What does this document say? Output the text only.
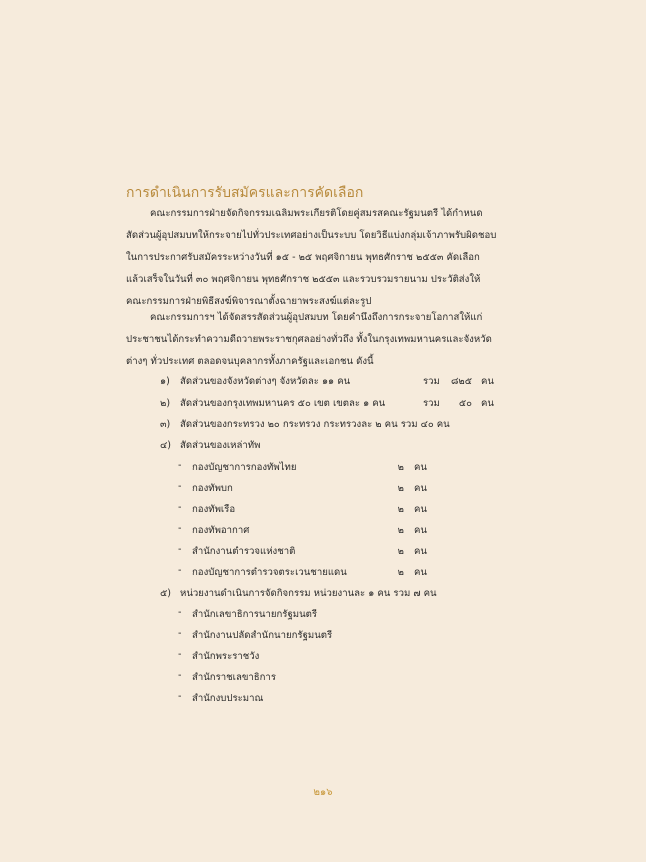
การดำเนินการรับสมัครและการคัดเลือก
คณะกรรมการฝ่ายจัดกิจกรรมเฉลิมพระเกียรติโดยคู่สมรสคณะรัฐมนตรี ได้กำหนด
สัดส่วนผู้อุปสมบทให้กระจายไปทั่วประเทศอย่างเป็นระบบ โดยวิธีแบ่งกลุ่มเจ้าภาพรับผิดชอบ
ในการประกาศรับสมัครระหว่างวันที่ ๑๕ - ๒๕ พฤศจิกายน พุทธศักราช ๒๕๕๓ คัดเลือก
แล้วเสร็จในวันที่ ๓๐ พฤศจิกายน พุทธศักราช ๒๕๕๓ และรวบรวมรายนาม ประวัติส่งให้
คณะกรรมการฝ่ายพิธีสงฆ์พิจารณาตั้งฉายาพระสงฆ์แต่ละรูป
คณะกรรมการฯ ได้จัดสรรสัดส่วนผู้อุปสมบท โดยคำนึงถึงการกระจายโอกาสให้แก่
ประชาชนได้กระทำความดีถวายพระราชกุศลอย่างทั่วถึง ทั้งในกรุงเทพมหานครและจังหวัด
ต่างๆ ทั่วประเทศ ตลอดจนบุคลากรทั้งภาครัฐและเอกชน ดังนี้
๑) สัดส่วนของจังหวัดต่างๆ จังหวัดละ ๑๑ คน	รวม	๘๒๕ คน
๒) สัดส่วนของกรุงเทพมหานคร ๕๐ เขต เขตละ ๑ คน	รวม	๕๐ คน
๓) สัดส่วนของกระทรวง ๒๐ กระทรวง กระทรวงละ ๒ คน รวม ๔๐ คน
๔) สัดส่วนของเหล่าทัพ
- กองบัญชาการกองทัพไทย	๒ คน
- กองทัพบก	๒ คน
- กองทัพเรือ	๒ คน
- กองทัพอากาศ	๒ คน
- สำนักงานตำรวจแห่งชาติ	๒ คน
- กองบัญชาการตำรวจตระเวนชายแดน	๒ คน
๕) หน่วยงานดำเนินการจัดกิจกรรม หน่วยงานละ ๑ คน รวม ๗ คน
- สำนักเลขาธิการนายกรัฐมนตรี
- สำนักงานปลัดสำนักนายกรัฐมนตรี
- สำนักพระราชวัง
- สำนักราชเลขาธิการ
- สำนักงบประมาณ
๒๑๖
